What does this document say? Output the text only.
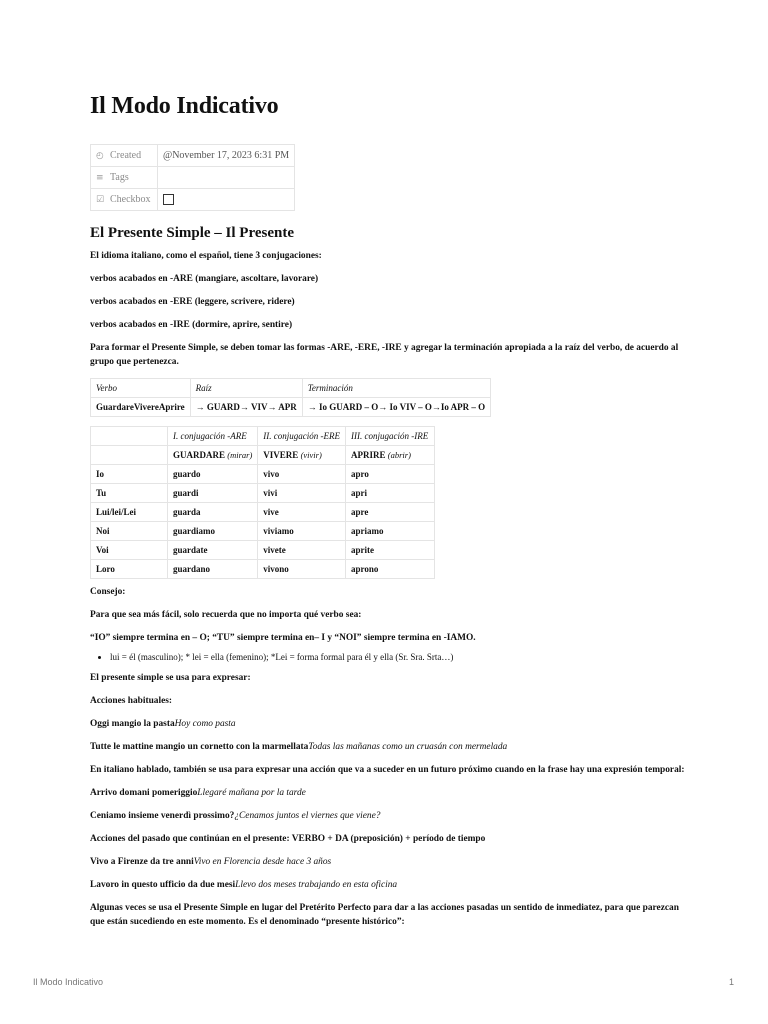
Il Modo Indicativo
◴ Created	@November 17, 2023 6:31 PM
≡ Tags	
☑ Checkbox	
El Presente Simple – Il Presente

El idioma italiano, como el español, tiene 3 conjugaciones:

verbos acabados en -ARE (mangiare, ascoltare, lavorare)

verbos acabados en -ERE (leggere, scrivere, ridere)

verbos acabados en -IRE (dormire, aprire, sentire)

Para formar el Presente Simple, se deben tomar las formas -ARE, -ERE, -IRE y agregar la terminación apropiada a la raíz del verbo, de acuerdo al grupo que pertenezca.

Verbo	Raíz	Terminación
GuardareVivereAprire	→ GUARD→ VIV→ APR	→ Io GUARD – O→ Io VIV – O→Io APR – O
	I. conjugación -ARE	II. conjugación -ERE	III. conjugación -IRE
	GUARDARE (mirar)	VIVERE (vivir)	APRIRE (abrir)
Io	guardo	vivo	apro
Tu	guardi	vivi	apri
Lui/lei/Lei	guarda	vive	apre
Noi	guardiamo	viviamo	apriamo
Voi	guardate	vivete	aprite
Loro	guardano	vivono	aprono

Consejo:

Para que sea más fácil, solo recuerda que no importa qué verbo sea:

“IO” siempre termina en – O; “TU” siempre termina en– I y “NOI” siempre termina en -IAMO.

• lui = él (masculino); * lei = ella (femenino); *Lei = forma formal para él y ella (Sr. Sra. Srta…)

El presente simple se usa para expresar:

Acciones habituales:

Oggi mangio la pastaHoy como pasta

Tutte le mattine mangio un cornetto con la marmellataTodas las mañanas como un cruasán con mermelada

En italiano hablado, también se usa para expresar una acción que va a suceder en un futuro próximo cuando en la frase hay una expresión temporal:

Arrivo domani pomeriggioLlegaré mañana por la tarde

Ceniamo insieme venerdì prossimo?¿Cenamos juntos el viernes que viene?

Acciones del pasado que continúan en el presente: VERBO + DA (preposición) + período de tiempo

Vivo a Firenze da tre anniVivo en Florencia desde hace 3 años

Lavoro in questo ufficio da due mesiLlevo dos meses trabajando en esta oficina

Algunas veces se usa el Presente Simple en lugar del Pretérito Perfecto para dar a las acciones pasadas un sentido de inmediatez, para que parezcan que están sucediendo en este momento. Es el denominado “presente histórico”:

Il Modo Indicativo	1
